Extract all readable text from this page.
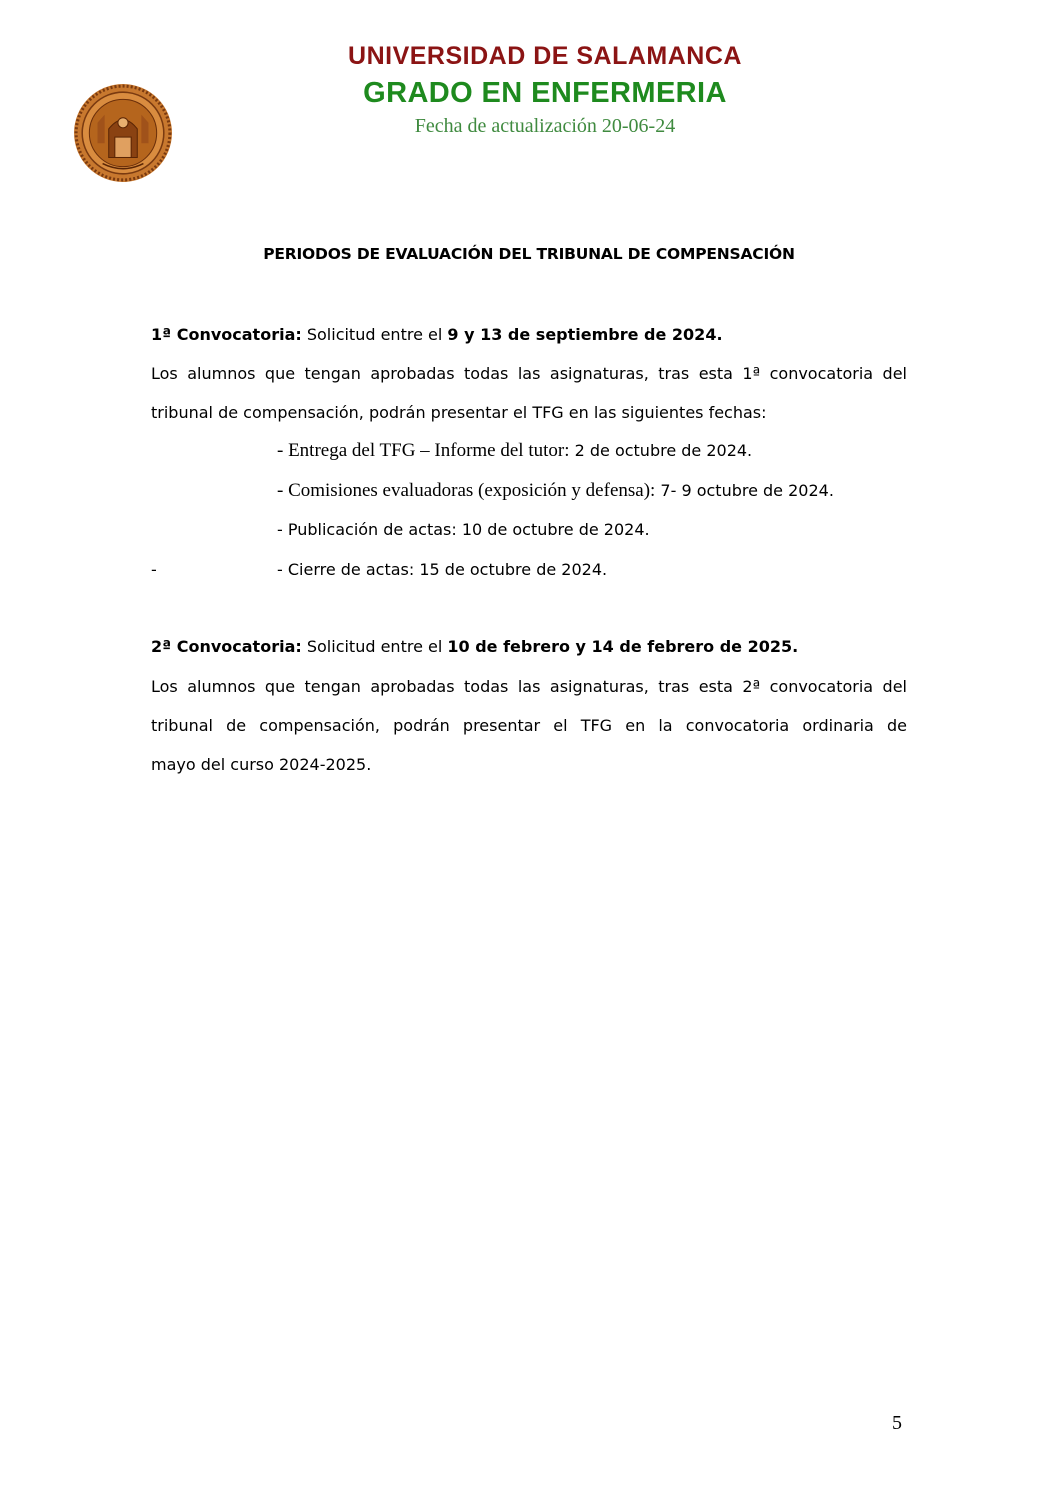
UNIVERSIDAD DE SALAMANCA
GRADO EN ENFERMERIA
Fecha de actualización 20-06-24
PERIODOS DE EVALUACIÓN DEL TRIBUNAL DE COMPENSACIÓN
1ª Convocatoria: Solicitud entre el 9 y 13 de septiembre de 2024.
Los alumnos que tengan aprobadas todas las asignaturas, tras esta 1ª convocatoria del
tribunal de compensación, podrán presentar el TFG en las siguientes fechas:
- Entrega del TFG – Informe del tutor: 2 de octubre de 2024.
- Comisiones evaluadoras (exposición y defensa): 7- 9 octubre de 2024.
- Publicación de actas: 10 de octubre de 2024.
-	- Cierre de actas: 15 de octubre de 2024.
2ª Convocatoria: Solicitud entre el 10 de febrero y 14 de febrero de 2025.
Los alumnos que tengan aprobadas todas las asignaturas, tras esta 2ª convocatoria del
tribunal de compensación, podrán presentar el TFG en la convocatoria ordinaria de
mayo del curso 2024-2025.
5
